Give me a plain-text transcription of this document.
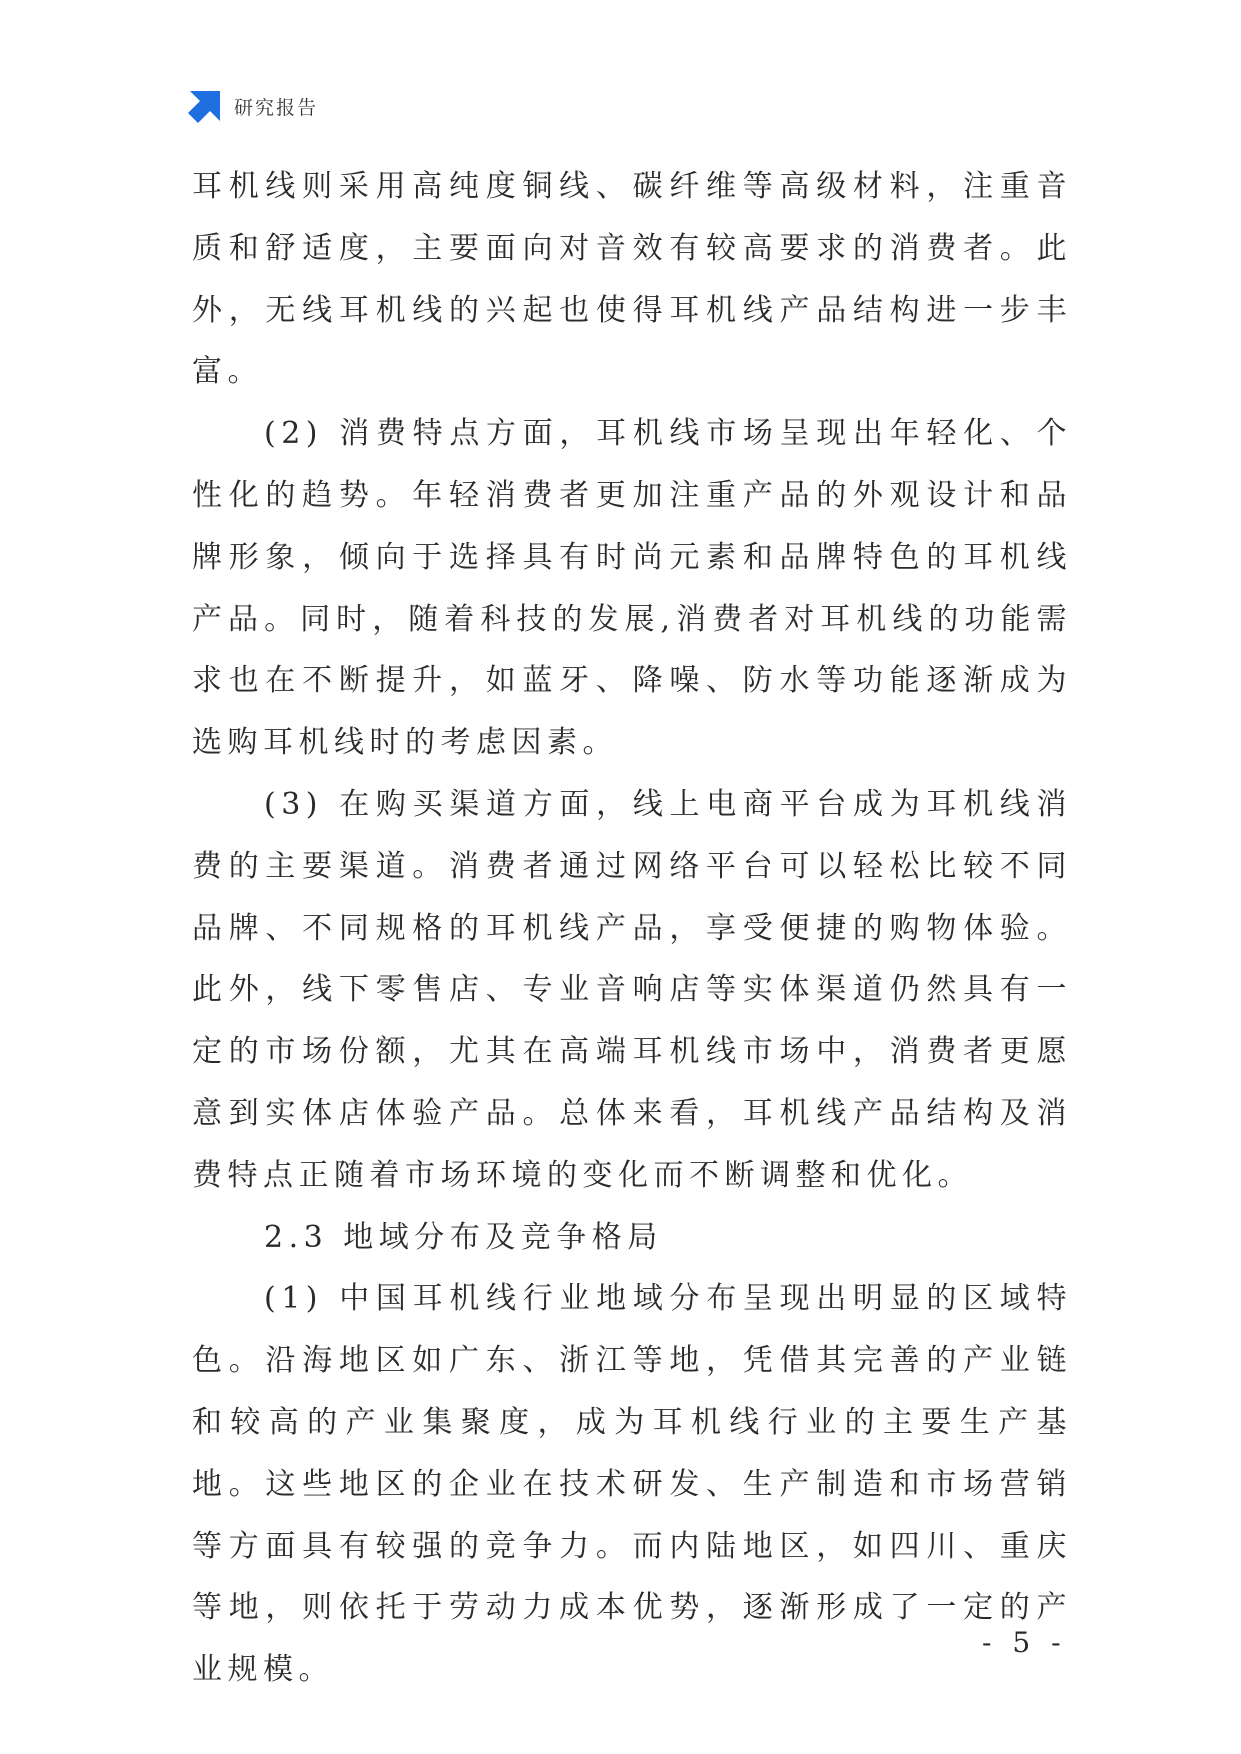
研究报告

耳机线则采用高纯度铜线、碳纤维等高级材料，注重音质和舒适度，主要面向对音效有较高要求的消费者。此外，无线耳机线的兴起也使得耳机线产品结构进一步丰富。

(2) 消费特点方面，耳机线市场呈现出年轻化、个性化的趋势。年轻消费者更加注重产品的外观设计和品牌形象，倾向于选择具有时尚元素和品牌特色的耳机线产品。同时，随着科技的发展,消费者对耳机线的功能需求也在不断提升，如蓝牙、降噪、防水等功能逐渐成为选购耳机线时的考虑因素。

(3) 在购买渠道方面，线上电商平台成为耳机线消费的主要渠道。消费者通过网络平台可以轻松比较不同品牌、不同规格的耳机线产品，享受便捷的购物体验。此外，线下零售店、专业音响店等实体渠道仍然具有一定的市场份额，尤其在高端耳机线市场中，消费者更愿意到实体店体验产品。总体来看，耳机线产品结构及消费特点正随着市场环境的变化而不断调整和优化。

2.3 地域分布及竞争格局

(1) 中国耳机线行业地域分布呈现出明显的区域特色。沿海地区如广东、浙江等地，凭借其完善的产业链和较高的产业集聚度，成为耳机线行业的主要生产基地。这些地区的企业在技术研发、生产制造和市场营销等方面具有较强的竞争力。而内陆地区，如四川、重庆等地，则依托于劳动力成本优势，逐渐形成了一定的产业规模。

- 5 -
